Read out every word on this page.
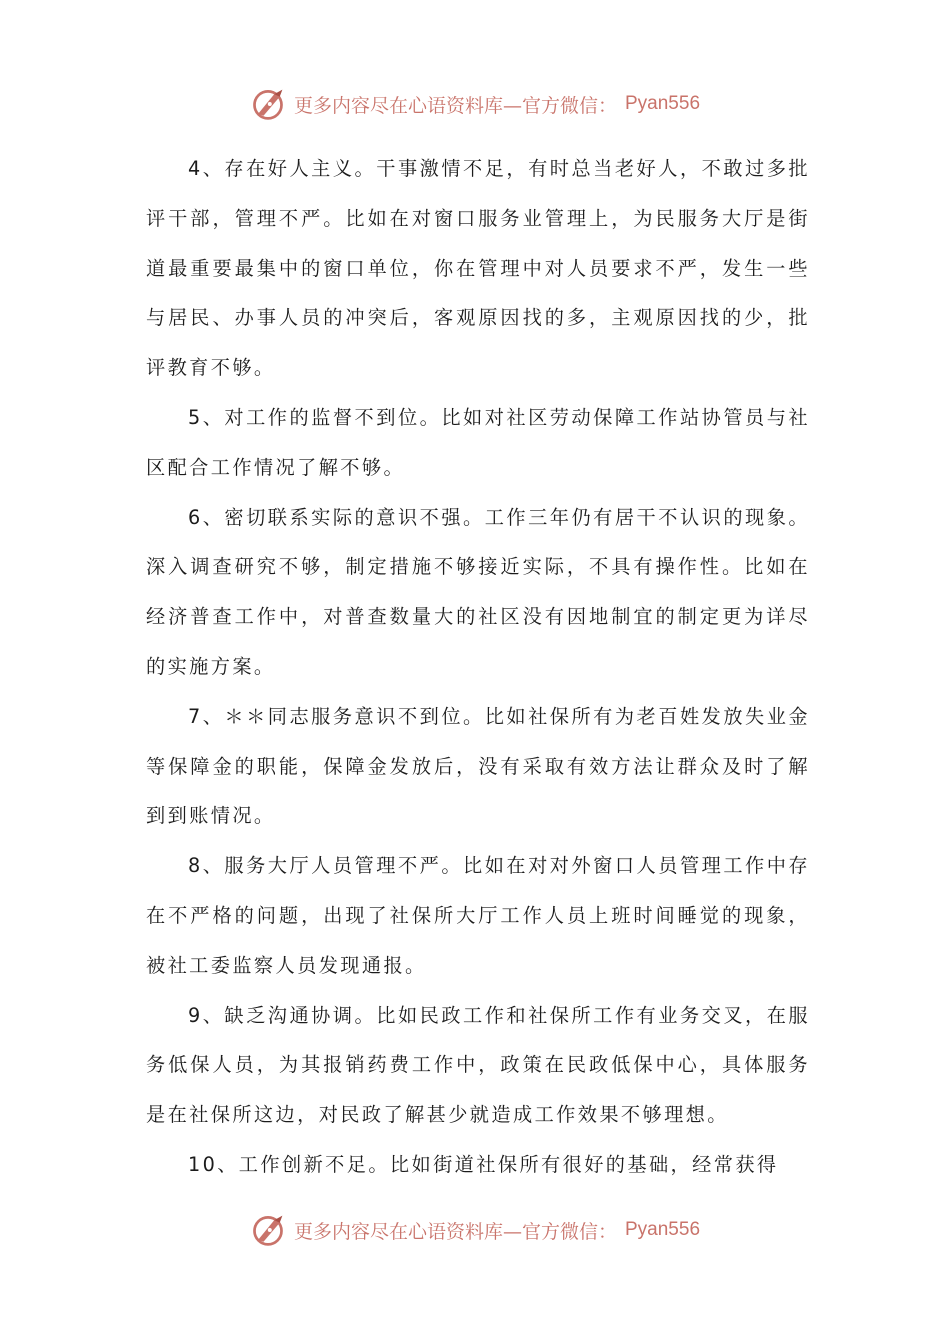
更多内容尽在心语资料库—官方微信： Pyan556

4、存在好人主义。干事激情不足，有时总当老好人，不敢过多批评干部，管理不严。比如在对窗口服务业管理上，为民服务大厅是街道最重要最集中的窗口单位，你在管理中对人员要求不严，发生一些与居民、办事人员的冲突后，客观原因找的多，主观原因找的少，批评教育不够。

5、对工作的监督不到位。比如对社区劳动保障工作站协管员与社区配合工作情况了解不够。

6、密切联系实际的意识不强。工作三年仍有居干不认识的现象。深入调查研究不够，制定措施不够接近实际，不具有操作性。比如在经济普查工作中，对普查数量大的社区没有因地制宜的制定更为详尽的实施方案。

7、＊＊同志服务意识不到位。比如社保所有为老百姓发放失业金等保障金的职能，保障金发放后，没有采取有效方法让群众及时了解到到账情况。

8、服务大厅人员管理不严。比如在对对外窗口人员管理工作中存在不严格的问题，出现了社保所大厅工作人员上班时间睡觉的现象，被社工委监察人员发现通报。

9、缺乏沟通协调。比如民政工作和社保所工作有业务交叉，在服务低保人员，为其报销药费工作中，政策在民政低保中心，具体服务是在社保所这边，对民政了解甚少就造成工作效果不够理想。

10、工作创新不足。比如街道社保所有很好的基础，经常获得

更多内容尽在心语资料库—官方微信： Pyan556
